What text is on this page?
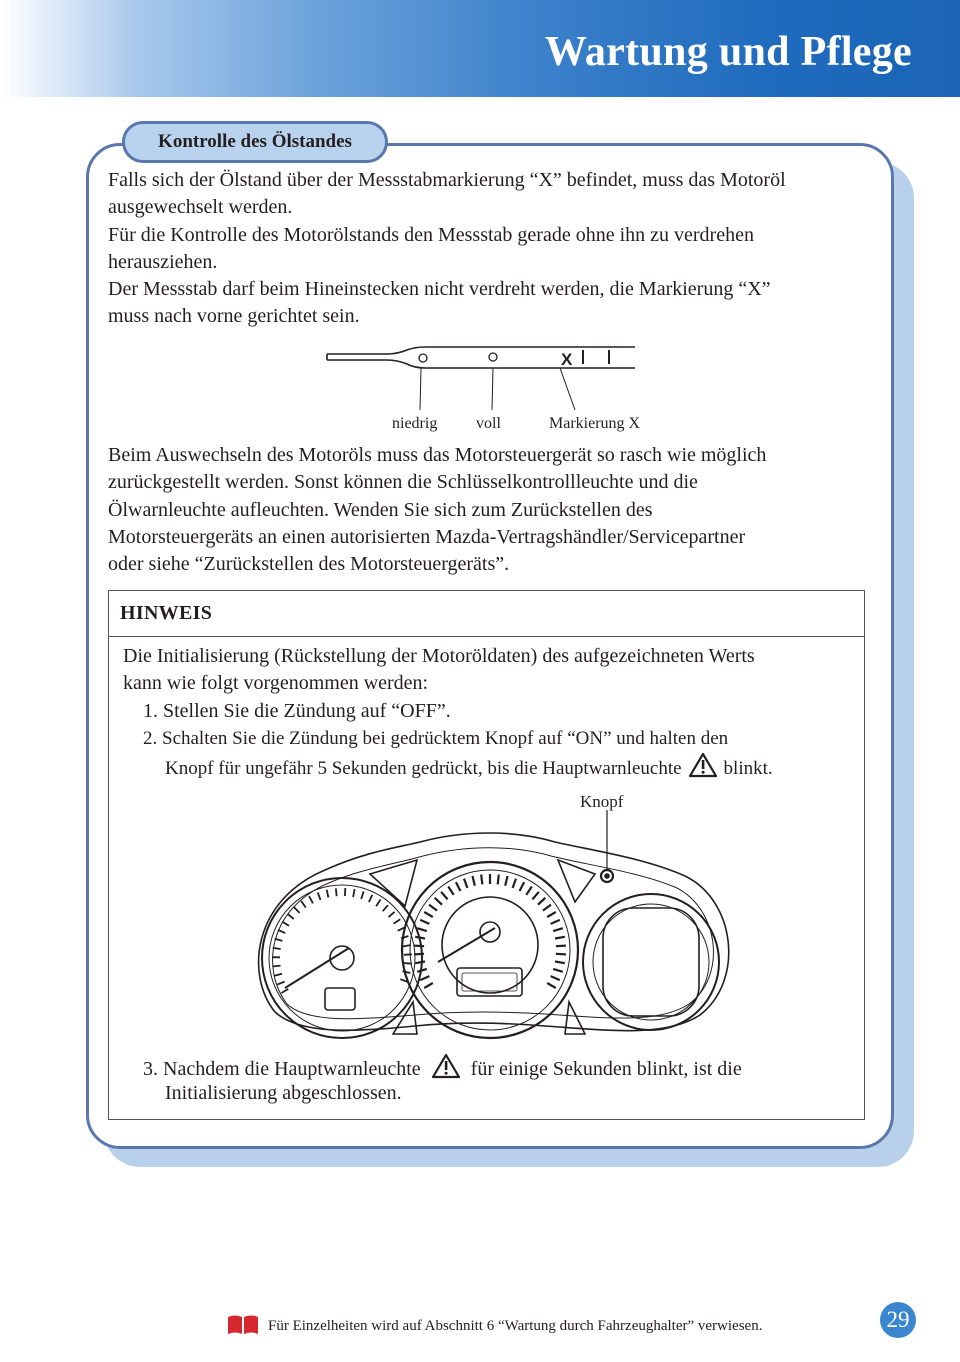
Wartung und Pflege
Kontrolle des Ölstandes
Falls sich der Ölstand über der Messstabmarkierung “X” befindet, muss das Motoröl
ausgewechselt werden.
Für die Kontrolle des Motorölstands den Messstab gerade ohne ihn zu verdrehen
herausziehen.
Der Messstab darf beim Hineinstecken nicht verdreht werden, die Markierung “X”
muss nach vorne gerichtet sein.
X
niedrig voll	Markierung X
Beim Auswechseln des Motoröls muss das Motorsteuergerät so rasch wie möglich
zurückgestellt werden. Sonst können die Schlüsselkontrollleuchte und die
Ölwarnleuchte aufleuchten. Wenden Sie sich zum Zurückstellen des
Motorsteuergeräts an einen autorisierten Mazda-Vertragshändler/Servicepartner
oder siehe “Zurückstellen des Motorsteuergeräts”.
HINWEIS
Die Initialisierung (Rückstellung der Motoröldaten) des aufgezeichneten Werts
kann wie folgt vorgenommen werden:
1. Stellen Sie die Zündung auf “OFF”.
2. Schalten Sie die Zündung bei gedrücktem Knopf auf “ON” und halten den
Knopf für ungefähr 5 Sekunden gedrückt, bis die Hauptwarnleuchte blinkt.
Knopf
3. Nachdem die Hauptwarnleuchte	für einige Sekunden blinkt, ist die
Initialisierung abgeschlossen.
Für Einzelheiten wird auf Abschnitt 6 “Wartung durch Fahrzeughalter” verwiesen.	29
